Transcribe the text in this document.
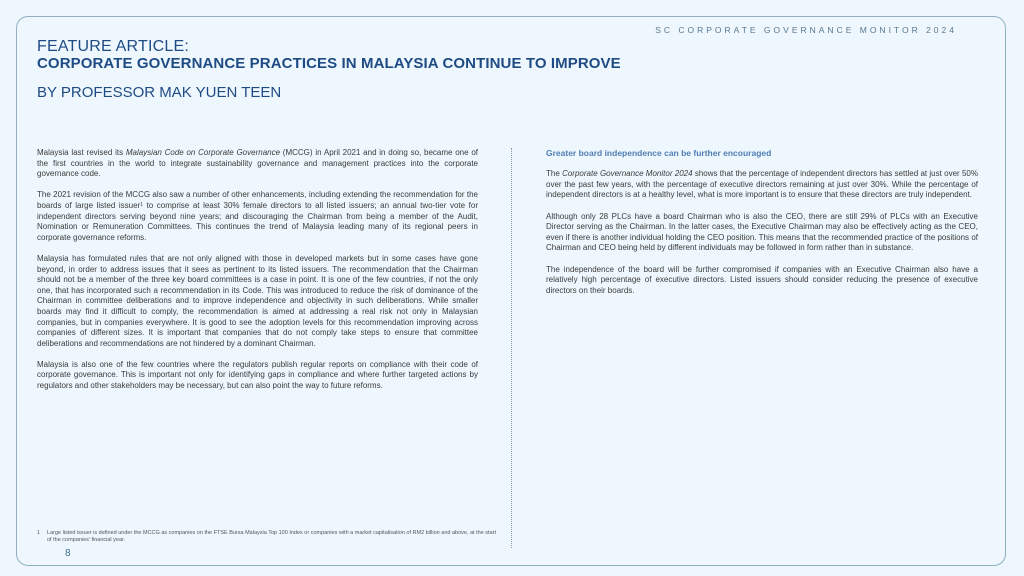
SC CORPORATE GOVERNANCE MONITOR 2024
8
FEATURE ARTICLE:
CORPORATE GOVERNANCE PRACTICES IN MALAYSIA CONTINUE TO IMPROVE
BY PROFESSOR MAK YUEN TEEN

Malaysia last revised its Malaysian Code on Corporate Governance (MCCG) in April 2021 and in doing so, became one of the first countries in the world to integrate sustainability governance and management practices into the corporate governance code.

The 2021 revision of the MCCG also saw a number of other enhancements, including extending the recommendation for the boards of large listed issuer$^1$ to comprise at least 30% female directors to all listed issuers; an annual two-tier vote for independent directors serving beyond nine years; and discouraging the Chairman from being a member of the Audit, Nomination or Remuneration Committees. This continues the trend of Malaysia leading many of its regional peers in corporate governance reforms.

Malaysia has formulated rules that are not only aligned with those in developed markets but in some cases have gone beyond, in order to address issues that it sees as pertinent to its listed issuers. The recommendation that the Chairman should not be a member of the three key board committees is a case in point. It is one of the few countries, if not the only one, that has incorporated such a recommendation in its Code. This was introduced to reduce the risk of dominance of the Chairman in committee deliberations and to improve independence and objectivity in such deliberations. While smaller boards may find it difficult to comply, the recommendation is aimed at addressing a real risk not only in Malaysian companies, but in companies everywhere. It is good to see the adoption levels for this recommendation improving across companies of different sizes. It is important that companies that do not comply take steps to ensure that committee deliberations and recommendations are not hindered by a dominant Chairman.

Malaysia is also one of the few countries where the regulators publish regular reports on compliance with their code of corporate governance. This is important not only for identifying gaps in compliance and where further targeted actions by regulators and other stakeholders may be necessary, but can also point the way to future reforms.

Greater board independence can be further encouraged

The Corporate Governance Monitor 2024 shows that the percentage of independent directors has settled at just over 50% over the past few years, with the percentage of executive directors remaining at just over 30%. While the percentage of independent directors is at a healthy level, what is more important is to ensure that these directors are truly independent.

Although only 28 PLCs have a board Chairman who is also the CEO, there are still 29% of PLCs with an Executive Director serving as the Chairman. In the latter cases, the Executive Chairman may also be effectively acting as the CEO, even if there is another individual holding the CEO position. This means that the recommended practice of the positions of Chairman and CEO being held by different individuals may be followed in form rather than in substance.

The independence of the board will be further compromised if companies with an Executive Chairman also have a relatively high percentage of executive directors. Listed issuers should consider reducing the presence of executive directors on their boards.

1 Large listed issuer is defined under the MCCG as companies on the FTSE Bursa Malaysia Top 100 Index or companies with a market capitalisation of RM2 billion and above, at the start of the companies' financial year.
